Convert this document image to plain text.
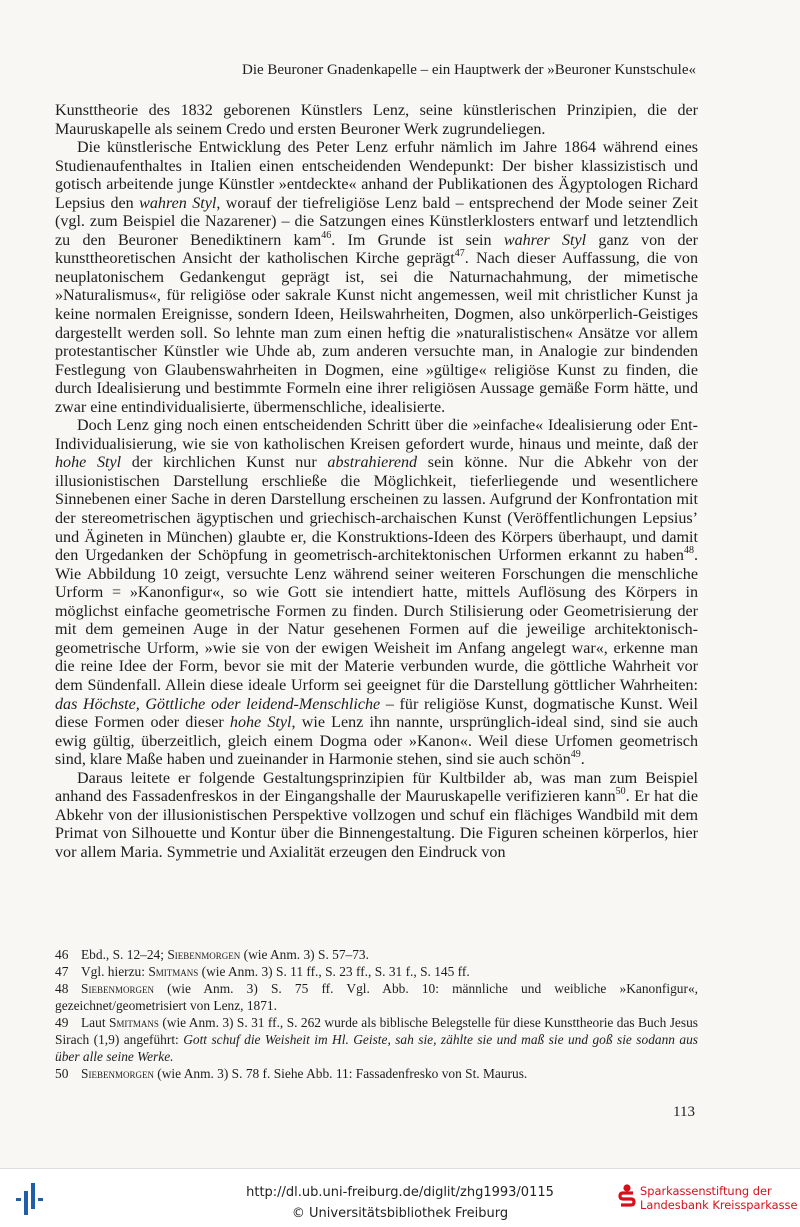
Die Beuroner Gnadenkapelle – ein Hauptwerk der »Beuroner Kunstschule«

Kunsttheorie des 1832 geborenen Künstlers Lenz, seine künstlerischen Prinzipien, die der Mauruskapelle als seinem Credo und ersten Beuroner Werk zugrundeliegen.

Die künstlerische Entwicklung des Peter Lenz erfuhr nämlich im Jahre 1864 während eines Studienaufenthaltes in Italien einen entscheidenden Wendepunkt: Der bisher klassizistisch und gotisch arbeitende junge Künstler »entdeckte« anhand der Publikationen des Ägyptologen Richard Lepsius den wahren Styl, worauf der tiefreligiöse Lenz bald – entsprechend der Mode seiner Zeit (vgl. zum Beispiel die Nazarener) – die Satzungen eines Künstlerklosters entwarf und letztendlich zu den Beuroner Benediktinern kam$^{46}$. Im Grunde ist sein wahrer Styl ganz von der kunsttheoretischen Ansicht der katholischen Kirche geprägt$^{47}$. Nach dieser Auffassung, die von neuplatonischem Gedankengut geprägt ist, sei die Naturnachahmung, der mimetische »Naturalismus«, für religiöse oder sakrale Kunst nicht angemessen, weil mit christlicher Kunst ja keine normalen Ereignisse, sondern Ideen, Heilswahrheiten, Dogmen, also unkörperlich-Geistiges dargestellt werden soll. So lehnte man zum einen heftig die »naturalistischen« Ansätze vor allem protestantischer Künstler wie Uhde ab, zum anderen versuchte man, in Analogie zur bindenden Festlegung von Glaubenswahrheiten in Dogmen, eine »gültige« religiöse Kunst zu finden, die durch Idealisierung und bestimmte Formeln eine ihrer religiösen Aussage gemäße Form hätte, und zwar eine entindividualisierte, übermenschliche, idealisierte.

Doch Lenz ging noch einen entscheidenden Schritt über die »einfache« Idealisierung oder Ent-Individualisierung, wie sie von katholischen Kreisen gefordert wurde, hinaus und meinte, daß der hohe Styl der kirchlichen Kunst nur abstrahierend sein könne. Nur die Abkehr von der illusionistischen Darstellung erschließe die Möglichkeit, tieferliegende und wesentlichere Sinnebenen einer Sache in deren Darstellung erscheinen zu lassen. Aufgrund der Konfrontation mit der stereometrischen ägyptischen und griechisch-archaischen Kunst (Veröffentlichungen Lepsius’ und Ägineten in München) glaubte er, die Konstruktions-Ideen des Körpers überhaupt, und damit den Urgedanken der Schöpfung in geometrisch-architektonischen Urformen erkannt zu haben$^{48}$. Wie Abbildung 10 zeigt, versuchte Lenz während seiner weiteren Forschungen die menschliche Urform = »Kanonfigur«, so wie Gott sie intendiert hatte, mittels Auflösung des Körpers in möglichst einfache geometrische Formen zu finden. Durch Stilisierung oder Geometrisierung der mit dem gemeinen Auge in der Natur gesehenen Formen auf die jeweilige architektonisch-geometrische Urform, »wie sie von der ewigen Weisheit im Anfang angelegt war«, erkenne man die reine Idee der Form, bevor sie mit der Materie verbunden wurde, die göttliche Wahrheit vor dem Sündenfall. Allein diese ideale Urform sei geeignet für die Darstellung göttlicher Wahrheiten: das Höchste, Göttliche oder leidend-Menschliche – für religiöse Kunst, dogmatische Kunst. Weil diese Formen oder dieser hohe Styl, wie Lenz ihn nannte, ursprünglich-ideal sind, sind sie auch ewig gültig, überzeitlich, gleich einem Dogma oder »Kanon«. Weil diese Urfomen geometrisch sind, klare Maße haben und zueinander in Harmonie stehen, sind sie auch schön$^{49}$.

Daraus leitete er folgende Gestaltungsprinzipien für Kultbilder ab, was man zum Beispiel anhand des Fassadenfreskos in der Eingangshalle der Mauruskapelle verifizieren kann$^{50}$. Er hat die Abkehr von der illusionistischen Perspektive vollzogen und schuf ein flächiges Wandbild mit dem Primat von Silhouette und Kontur über die Binnengestaltung. Die Figuren scheinen körperlos, hier vor allem Maria. Symmetrie und Axialität erzeugen den Eindruck von

46 Ebd., S. 12–24; Siebenmorgen (wie Anm. 3) S. 57–73.
47 Vgl. hierzu: Smitmans (wie Anm. 3) S. 11 ff., S. 23 ff., S. 31 f., S. 145 ff.
48 Siebenmorgen (wie Anm. 3) S. 75 ff. Vgl. Abb. 10: männliche und weibliche »Kanonfigur«, gezeichnet/geometrisiert von Lenz, 1871.
49 Laut Smitmans (wie Anm. 3) S. 31 ff., S. 262 wurde als biblische Belegstelle für diese Kunsttheorie das Buch Jesus Sirach (1,9) angeführt: Gott schuf die Weisheit im Hl. Geiste, sah sie, zählte sie und maß sie und goß sie sodann aus über alle seine Werke.
50 Siebenmorgen (wie Anm. 3) S. 78 f. Siehe Abb. 11: Fassadenfresko von St. Maurus.
113
http://dl.ub.uni-freiburg.de/diglit/zhg1993/0115
© Universitätsbibliothek Freiburg
Sparkassenstiftung der
Landesbank Kreissparkasse
